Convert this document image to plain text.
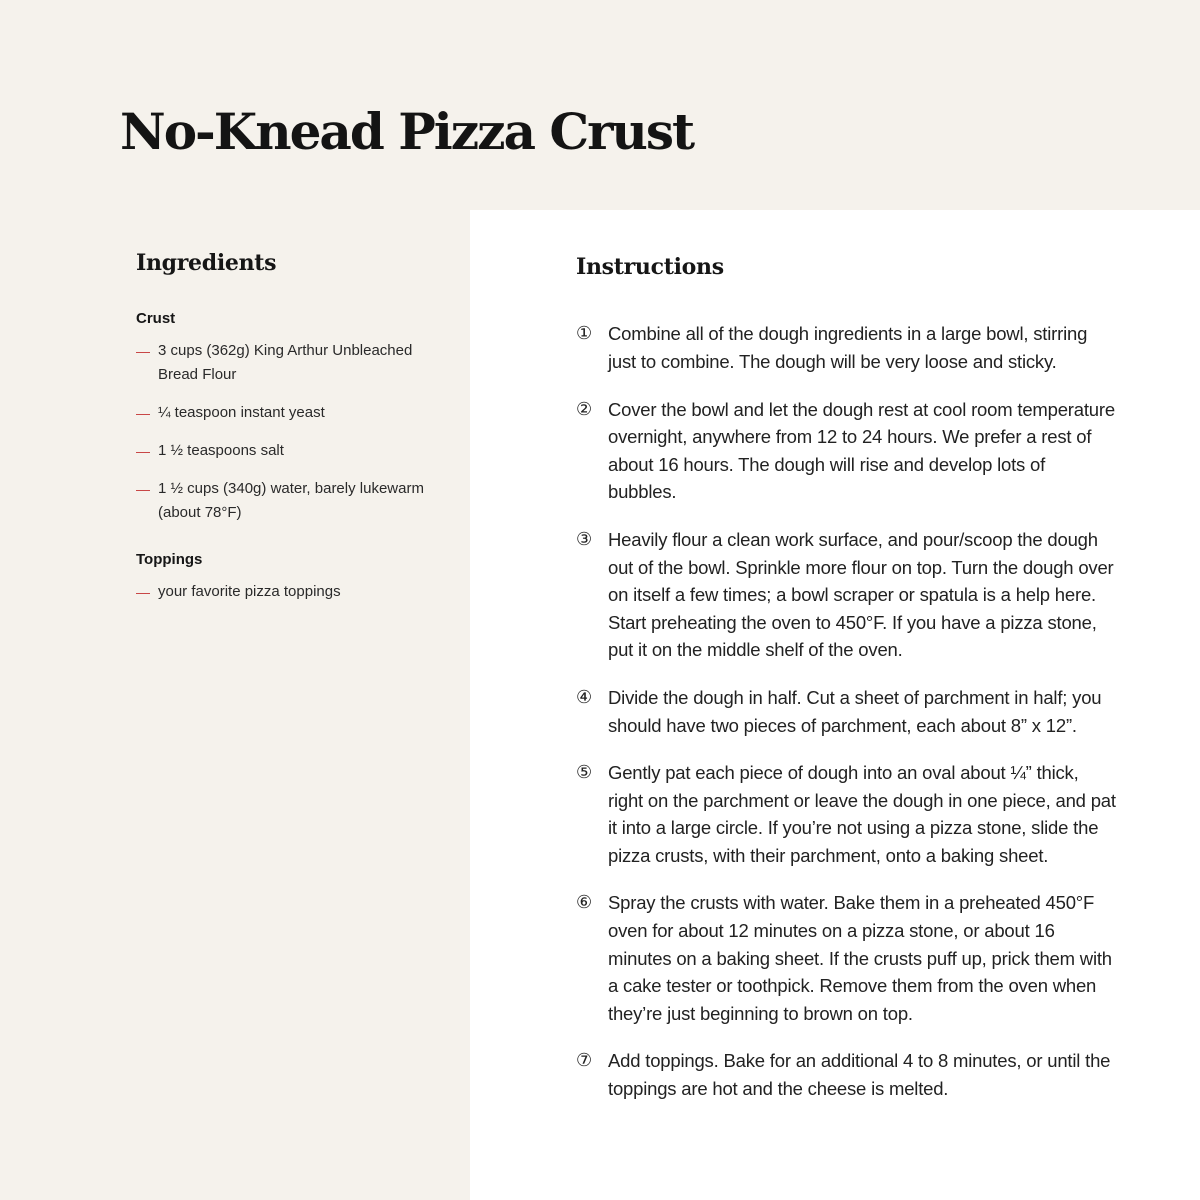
No-Knead Pizza Crust
Ingredients
Crust
— 3 cups (362g) King Arthur Unbleached Bread Flour
— ¼ teaspoon instant yeast
— 1 ½ teaspoons salt
— 1 ½ cups (340g) water, barely lukewarm (about 78°F)
Toppings
— your favorite pizza toppings
Instructions
① Combine all of the dough ingredients in a large bowl, stirring just to combine. The dough will be very loose and sticky.
② Cover the bowl and let the dough rest at cool room temperature overnight, anywhere from 12 to 24 hours. We prefer a rest of about 16 hours. The dough will rise and develop lots of bubbles.
③ Heavily flour a clean work surface, and pour/scoop the dough out of the bowl. Sprinkle more flour on top. Turn the dough over on itself a few times; a bowl scraper or spatula is a help here. Start preheating the oven to 450°F. If you have a pizza stone, put it on the middle shelf of the oven.
④ Divide the dough in half. Cut a sheet of parchment in half; you should have two pieces of parchment, each about 8” x 12”.
⑤ Gently pat each piece of dough into an oval about ¼” thick, right on the parchment or leave the dough in one piece, and pat it into a large circle. If you’re not using a pizza stone, slide the pizza crusts, with their parchment, onto a baking sheet.
⑥ Spray the crusts with water. Bake them in a preheated 450°F oven for about 12 minutes on a pizza stone, or about 16 minutes on a baking sheet. If the crusts puff up, prick them with a cake tester or toothpick. Remove them from the oven when they’re just beginning to brown on top.
⑦ Add toppings. Bake for an additional 4 to 8 minutes, or until the toppings are hot and the cheese is melted.
